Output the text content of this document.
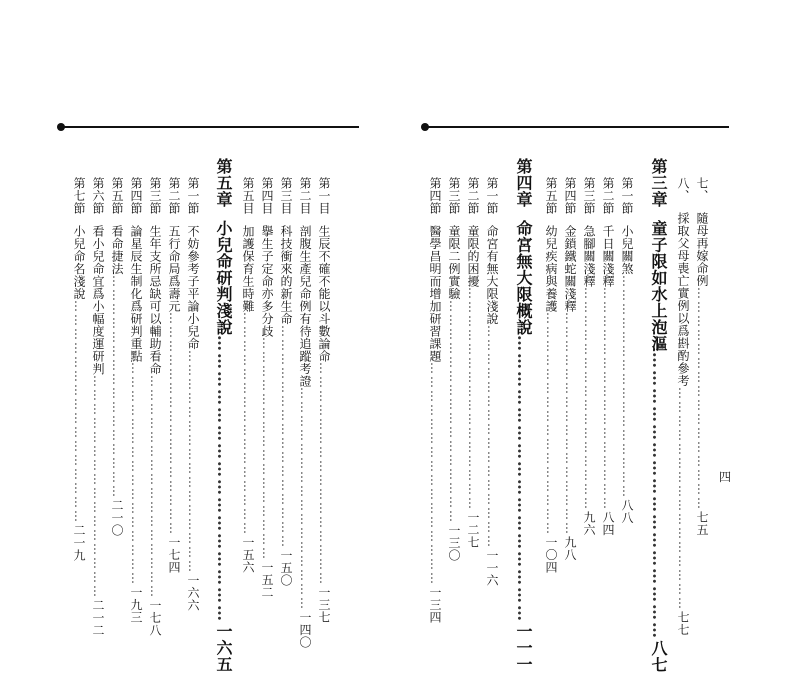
第一目
生辰不確不能以斗數論命
…………………………………………
一三七
第二目
剖腹生產兒命例有待追蹤考證
…………………………………………
一四〇
第三目
科技衝來的新生命
…………………………………………
一五〇
第四目
擧生子定命亦多分歧
…………………………………………
一五二
第五目
加護保育生時難
…………………………………………
一五六
第五章
小兒命研判淺說
…………………………………………
一六五
第一節
不妨參考子平論小兒命
…………………………………………
一六六
第二節
五行命局爲壽元
…………………………………………
一七四
第三節
生年支所忌缺可以輔助看命
…………………………………………
一七八
第四節
論星辰生制化爲研判重點
…………………………………………
一九三
第五節
看命捷法
…………………………………………
二一〇
第六節
看小兒命宜爲小幅度運研判
…………………………………………
二一二
第七節
小兒命名淺說
…………………………………………
二一九
七、
隨母再嫁命例
…………………………………………
七五
八、
採取父母喪亡實例以爲斟酌參考
…………………………………………
七七
第三章
童子限如水上泡漚
…………………………………………
八七
第一節
小兒關煞
…………………………………………
八八
第二節
千日關淺釋
…………………………………………
八四
第三節
急腳關淺釋
…………………………………………
九六
第四節
金鎖鐵蛇關淺釋
…………………………………………
九八
第五節
幼兒疾病與養護
…………………………………………
一〇四
第四章
命宮無大限概說
…………………………………………
一一一
第一節
命宮有無大限淺說
…………………………………………
一一六
第二節
童限的困擾
…………………………………………
一二七
第三節
童限二例實驗
…………………………………………
一三〇
第四節
醫學昌明而增加研習課題
…………………………………………
一三四
四
